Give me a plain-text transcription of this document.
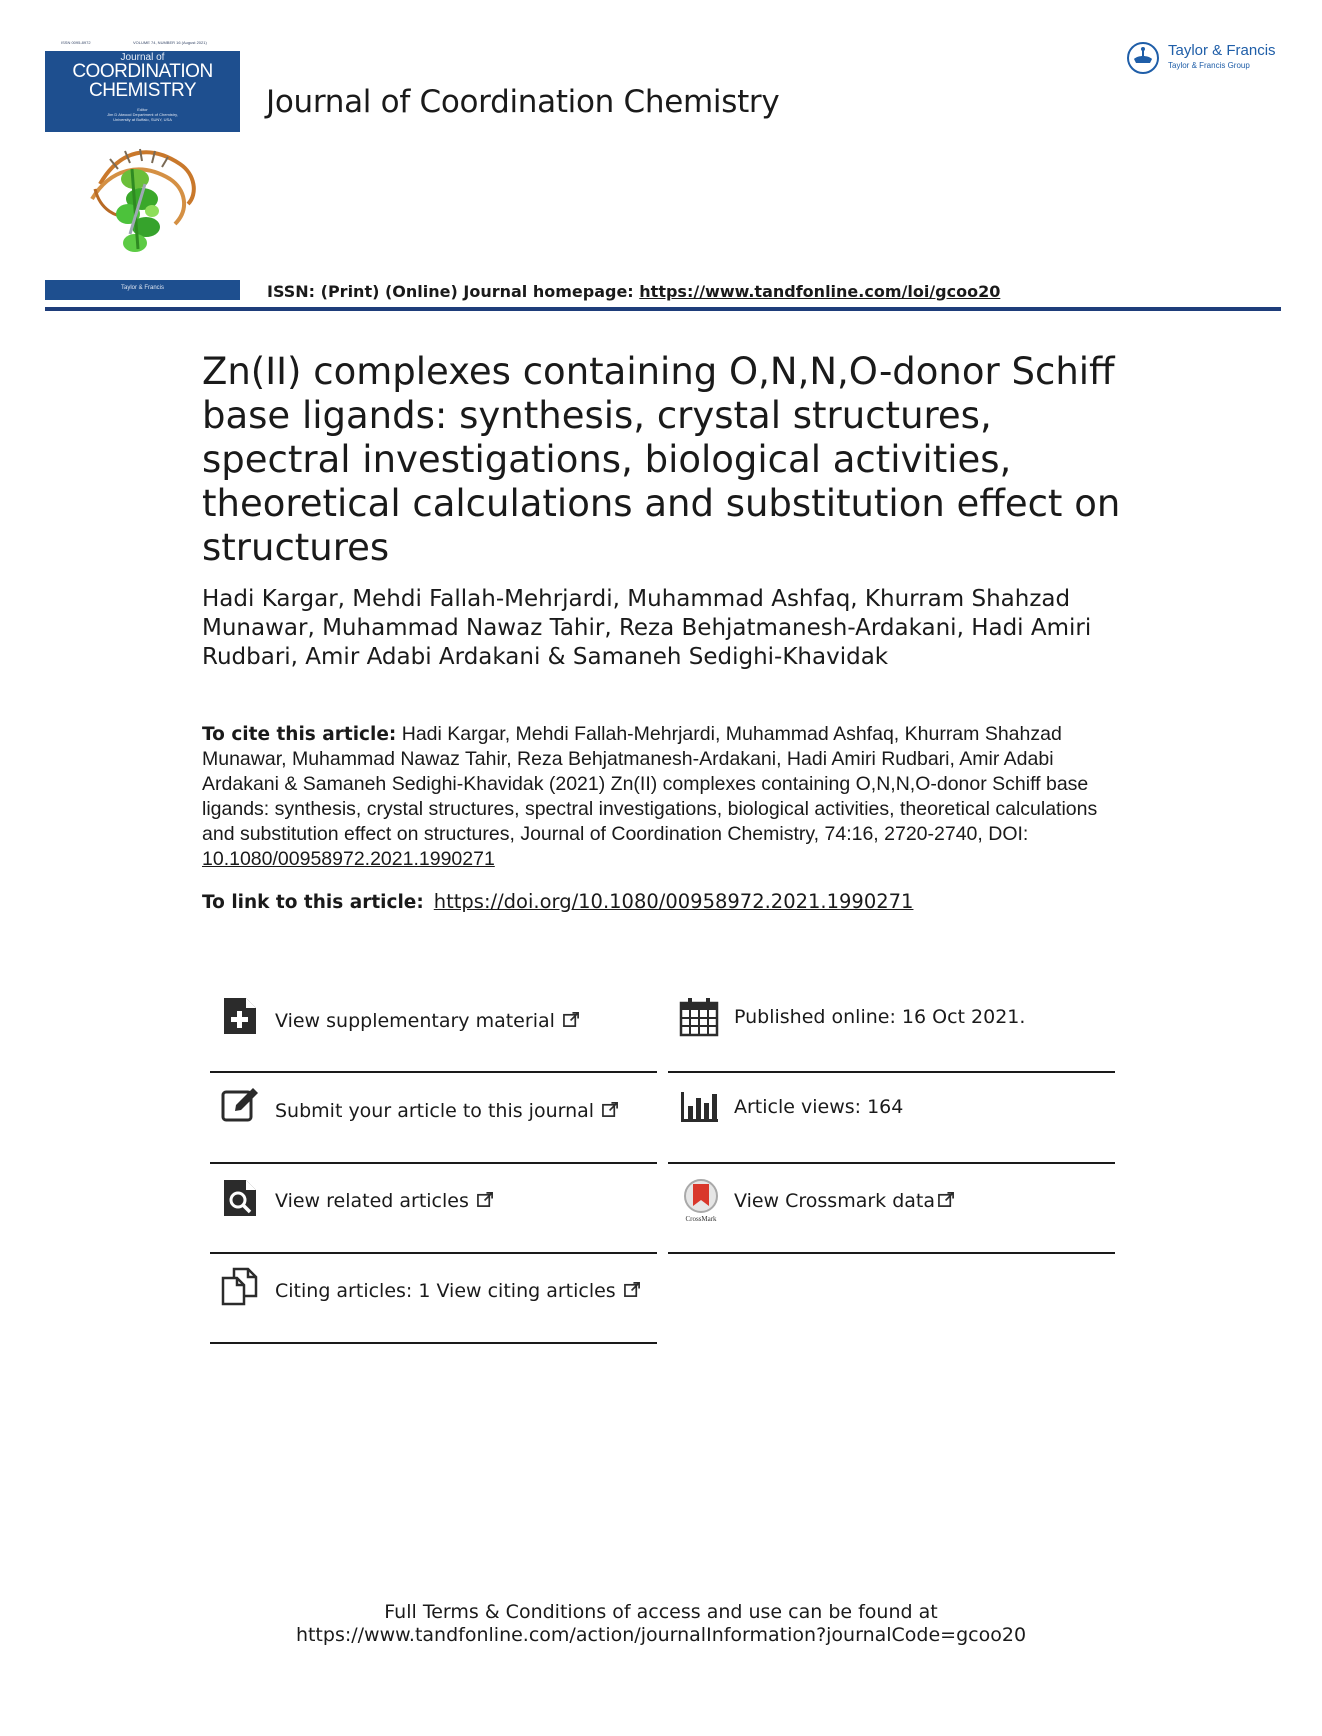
ISSN 0095-8972	VOLUME 74, NUMBER 16 (August 2021)
Journal of
COORDINATION
CHEMISTRY
Editor
Jim D Atwood Department of Chemistry,
University at Buffalo, SUNY, USA
Taylor & Francis
Journal of Coordination Chemistry
Taylor & Francis
Taylor & Francis Group
ISSN: (Print) (Online) Journal homepage: https://www.tandfonline.com/loi/gcoo20
Zn(II) complexes containing O,N,N,O-donor Schiff base ligands: synthesis, crystal structures, spectral investigations, biological activities, theoretical calculations and substitution effect on structures
Hadi Kargar, Mehdi Fallah-Mehrjardi, Muhammad Ashfaq, Khurram Shahzad Munawar, Muhammad Nawaz Tahir, Reza Behjatmanesh-Ardakani, Hadi Amiri Rudbari, Amir Adabi Ardakani & Samaneh Sedighi-Khavidak
To cite this article: Hadi Kargar, Mehdi Fallah-Mehrjardi, Muhammad Ashfaq, Khurram Shahzad Munawar, Muhammad Nawaz Tahir, Reza Behjatmanesh-Ardakani, Hadi Amiri Rudbari, Amir Adabi Ardakani & Samaneh Sedighi-Khavidak (2021) Zn(II) complexes containing O,N,N,O-donor Schiff base ligands: synthesis, crystal structures, spectral investigations, biological activities, theoretical calculations and substitution effect on structures, Journal of Coordination Chemistry, 74:16, 2720-2740, DOI: 10.1080/00958972.2021.1990271
To link to this article: https://doi.org/10.1080/00958972.2021.1990271
View supplementary material
Submit your article to this journal
View related articles
Citing articles: 1 View citing articles
Published online: 16 Oct 2021.
Article views: 164
CrossMark
View Crossmark data
Full Terms & Conditions of access and use can be found at
https://www.tandfonline.com/action/journalInformation?journalCode=gcoo20
